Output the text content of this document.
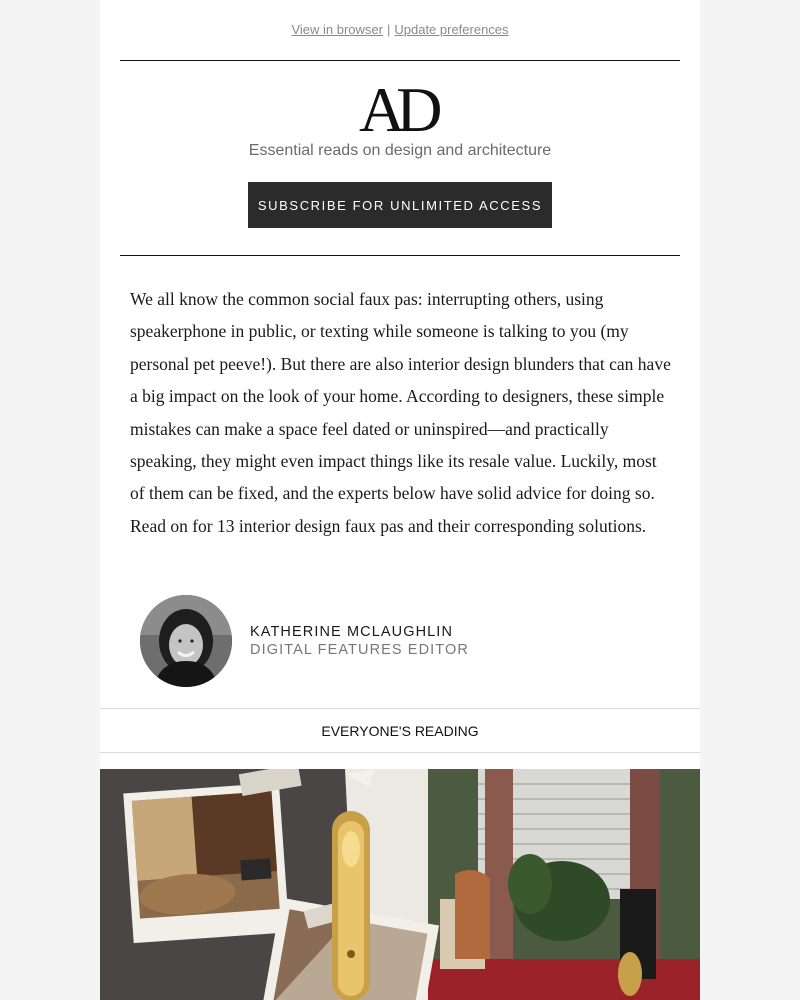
View in browser | Update preferences
AD
Essential reads on design and architecture
SUBSCRIBE FOR UNLIMITED ACCESS

We all know the common social faux pas: interrupting others, using speakerphone in public, or texting while someone is talking to you (my personal pet peeve!). But there are also interior design blunders that can have a big impact on the look of your home. According to designers, these simple mistakes can make a space feel dated or uninspired—and practically speaking, they might even impact things like its resale value. Luckily, most of them can be fixed, and the experts below have solid advice for doing so. Read on for 13 interior design faux pas and their corresponding solutions.

KATHERINE MCLAUGHLIN
DIGITAL FEATURES EDITOR
EVERYONE'S READING
